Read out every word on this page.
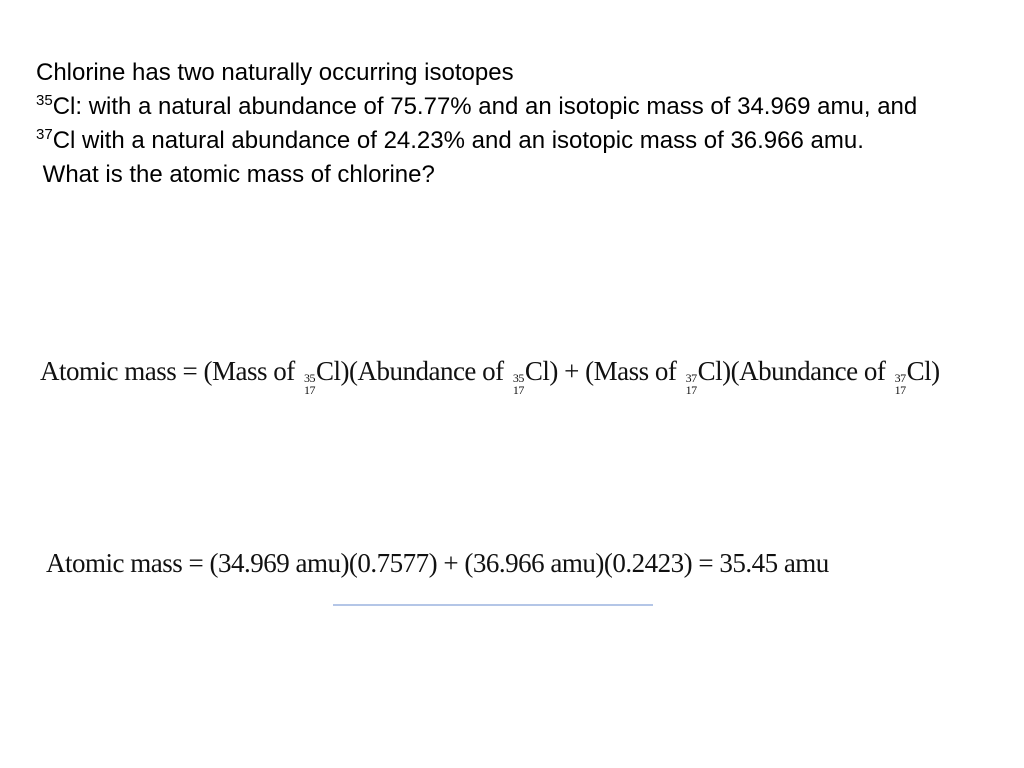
Chlorine has two naturally occurring isotopes

$^{35}$Cl: with a natural abundance of 75.77% and an isotopic mass of 34.969 amu, and

$^{37}$Cl with a natural abundance of 24.23% and an isotopic mass of 36.966 amu.

What is the atomic mass of chlorine?

Atomic mass = (Mass of 35
17
Cl)(Abundance of 35
17
Cl) + (Mass of 37
17
Cl)(Abundance of 37
17
Cl)
Atomic mass = (34.969 amu)(0.7577) + (36.966 amu)(0.2423) = 35.45 amu
